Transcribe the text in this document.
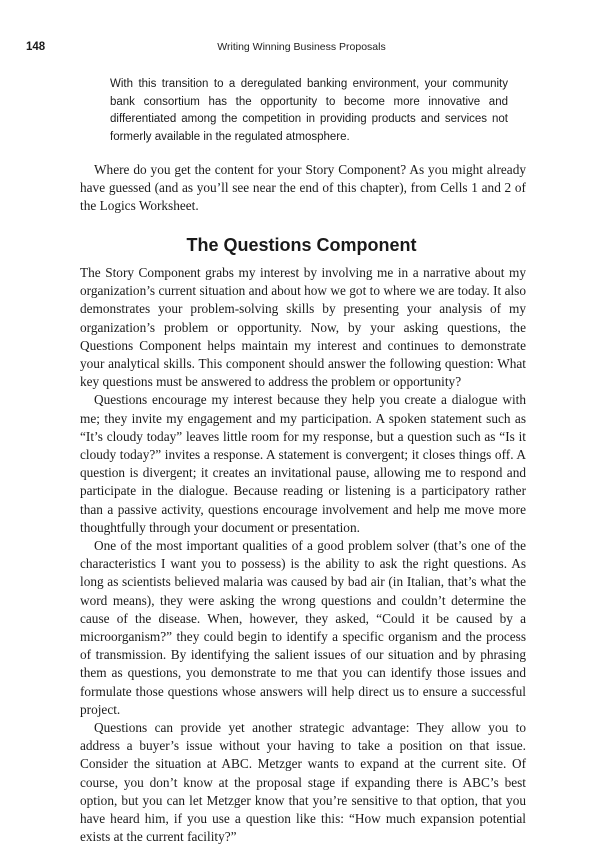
148	Writing Winning Business Proposals
With this transition to a deregulated banking environment, your community bank consortium has the opportunity to become more innovative and differentiated among the competition in providing products and services not formerly available in the regulated atmosphere.

Where do you get the content for your Story Component? As you might already have guessed (and as you’ll see near the end of this chapter), from Cells 1 and 2 of the Logics Worksheet.

The Questions Component

The Story Component grabs my interest by involving me in a narrative about my organization’s current situation and about how we got to where we are today. It also demonstrates your problem-solving skills by presenting your analysis of my organization’s problem or opportunity. Now, by your asking questions, the Questions Component helps maintain my interest and continues to demonstrate your analytical skills. This component should answer the following question: What key questions must be answered to address the problem or opportunity?

Questions encourage my interest because they help you create a dialogue with me; they invite my engagement and my participation. A spoken statement such as “It’s cloudy today” leaves little room for my response, but a question such as “Is it cloudy today?” invites a response. A statement is convergent; it closes things off. A question is divergent; it creates an invitational pause, allowing me to respond and participate in the dialogue. Because reading or listening is a participatory rather than a passive activity, questions encourage involvement and help me move more thoughtfully through your document or presentation.

One of the most important qualities of a good problem solver (that’s one of the characteristics I want you to possess) is the ability to ask the right questions. As long as scientists believed malaria was caused by bad air (in Italian, that’s what the word means), they were asking the wrong questions and couldn’t determine the cause of the disease. When, however, they asked, “Could it be caused by a microorganism?” they could begin to identify a specific organism and the process of transmission. By identifying the salient issues of our situation and by phrasing them as questions, you demonstrate to me that you can identify those issues and formulate those questions whose answers will help direct us to ensure a successful project.

Questions can provide yet another strategic advantage: They allow you to address a buyer’s issue without your having to take a position on that issue. Consider the situation at ABC. Metzger wants to expand at the current site. Of course, you don’t know at the proposal stage if expanding there is ABC’s best option, but you can let Metzger know that you’re sensitive to that option, that you have heard him, if you use a question like this: “How much expansion potential exists at the current facility?”
